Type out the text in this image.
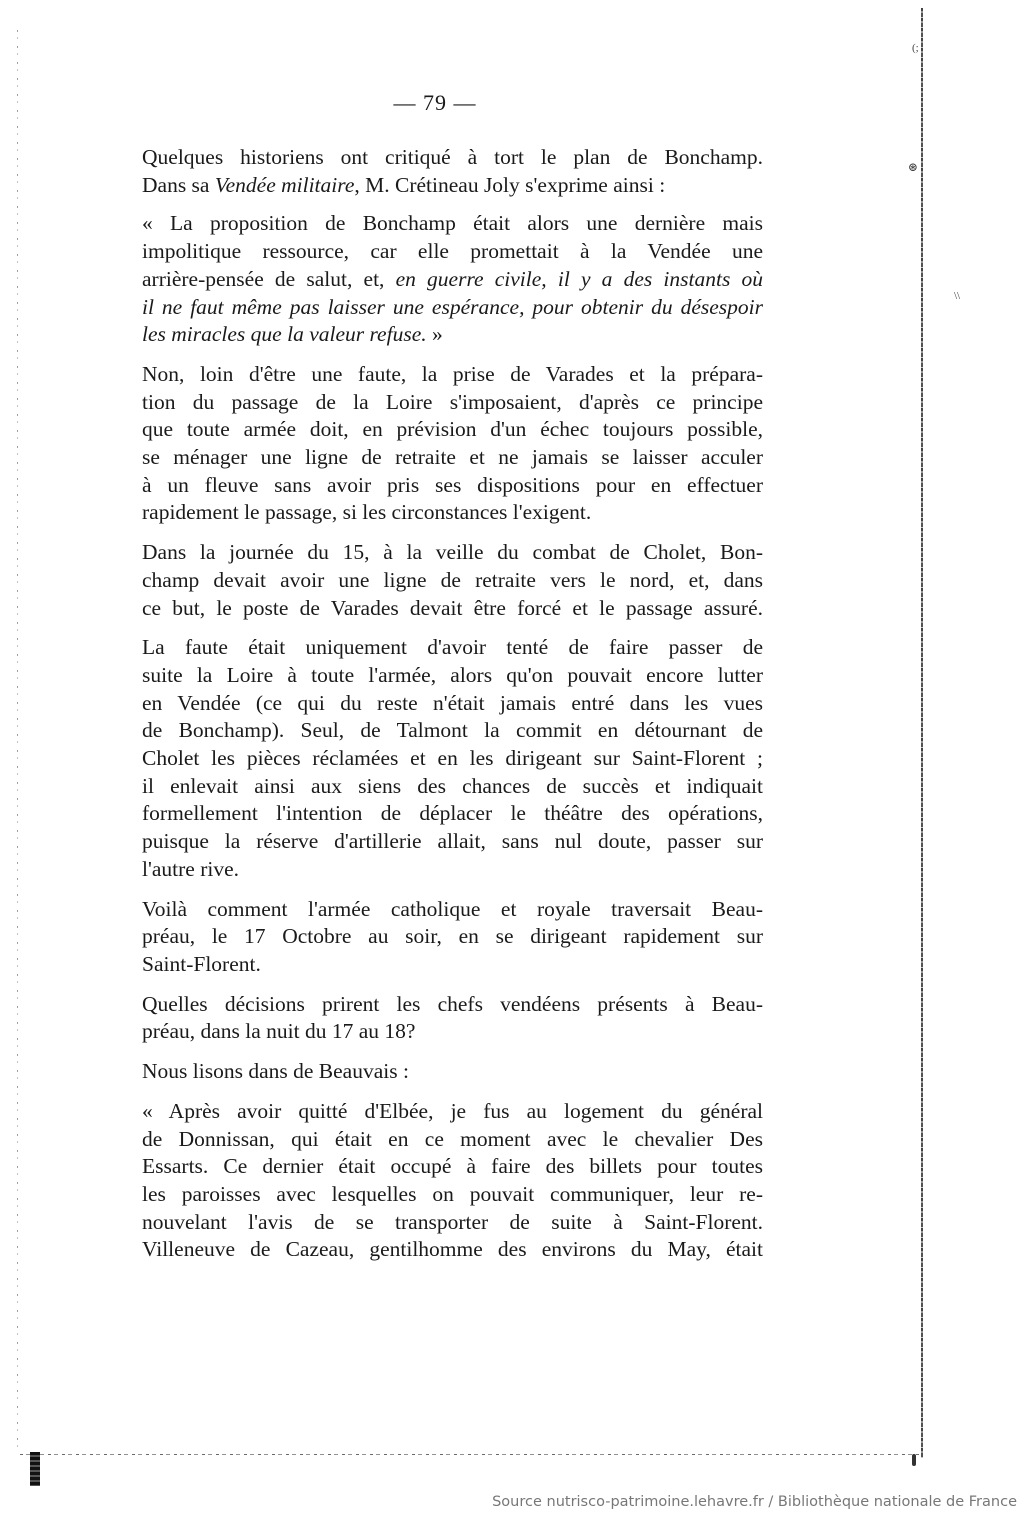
(;
⊛
\\
— 79 —
Quelques historiens ont critiqué à tort le plan de Bonchamp.
Dans sa Vendée militaire, M. Crétineau Joly s'exprime ainsi :
« La proposition de Bonchamp était alors une dernière mais
impolitique ressource, car elle promettait à la Vendée une
arrière-pensée de salut, et, en guerre civile, il y a des instants où
il ne faut même pas laisser une espérance, pour obtenir du désespoir
les miracles que la valeur refuse. »
Non, loin d'être une faute, la prise de Varades et la prépara-
tion du passage de la Loire s'imposaient, d'après ce principe
que toute armée doit, en prévision d'un échec toujours possible,
se ménager une ligne de retraite et ne jamais se laisser acculer
à un fleuve sans avoir pris ses dispositions pour en effectuer
rapidement le passage, si les circonstances l'exigent.
Dans la journée du 15, à la veille du combat de Cholet, Bon-
champ devait avoir une ligne de retraite vers le nord, et, dans
ce but, le poste de Varades devait être forcé et le passage assuré.
La faute était uniquement d'avoir tenté de faire passer de
suite la Loire à toute l'armée, alors qu'on pouvait encore lutter
en Vendée (ce qui du reste n'était jamais entré dans les vues
de Bonchamp). Seul, de Talmont la commit en détournant de
Cholet les pièces réclamées et en les dirigeant sur Saint-Florent ;
il enlevait ainsi aux siens des chances de succès et indiquait
formellement l'intention de déplacer le théâtre des opérations,
puisque la réserve d'artillerie allait, sans nul doute, passer sur
l'autre rive.
Voilà comment l'armée catholique et royale traversait Beau-
préau, le 17 Octobre au soir, en se dirigeant rapidement sur
Saint-Florent.
Quelles décisions prirent les chefs vendéens présents à Beau-
préau, dans la nuit du 17 au 18?
Nous lisons dans de Beauvais :
« Après avoir quitté d'Elbée, je fus au logement du général
de Donnissan, qui était en ce moment avec le chevalier Des
Essarts. Ce dernier était occupé à faire des billets pour toutes
les paroisses avec lesquelles on pouvait communiquer, leur re-
nouvelant l'avis de se transporter de suite à Saint-Florent.
Villeneuve de Cazeau, gentilhomme des environs du May, était
Source nutrisco-patrimoine.lehavre.fr / Bibliothèque nationale de France
